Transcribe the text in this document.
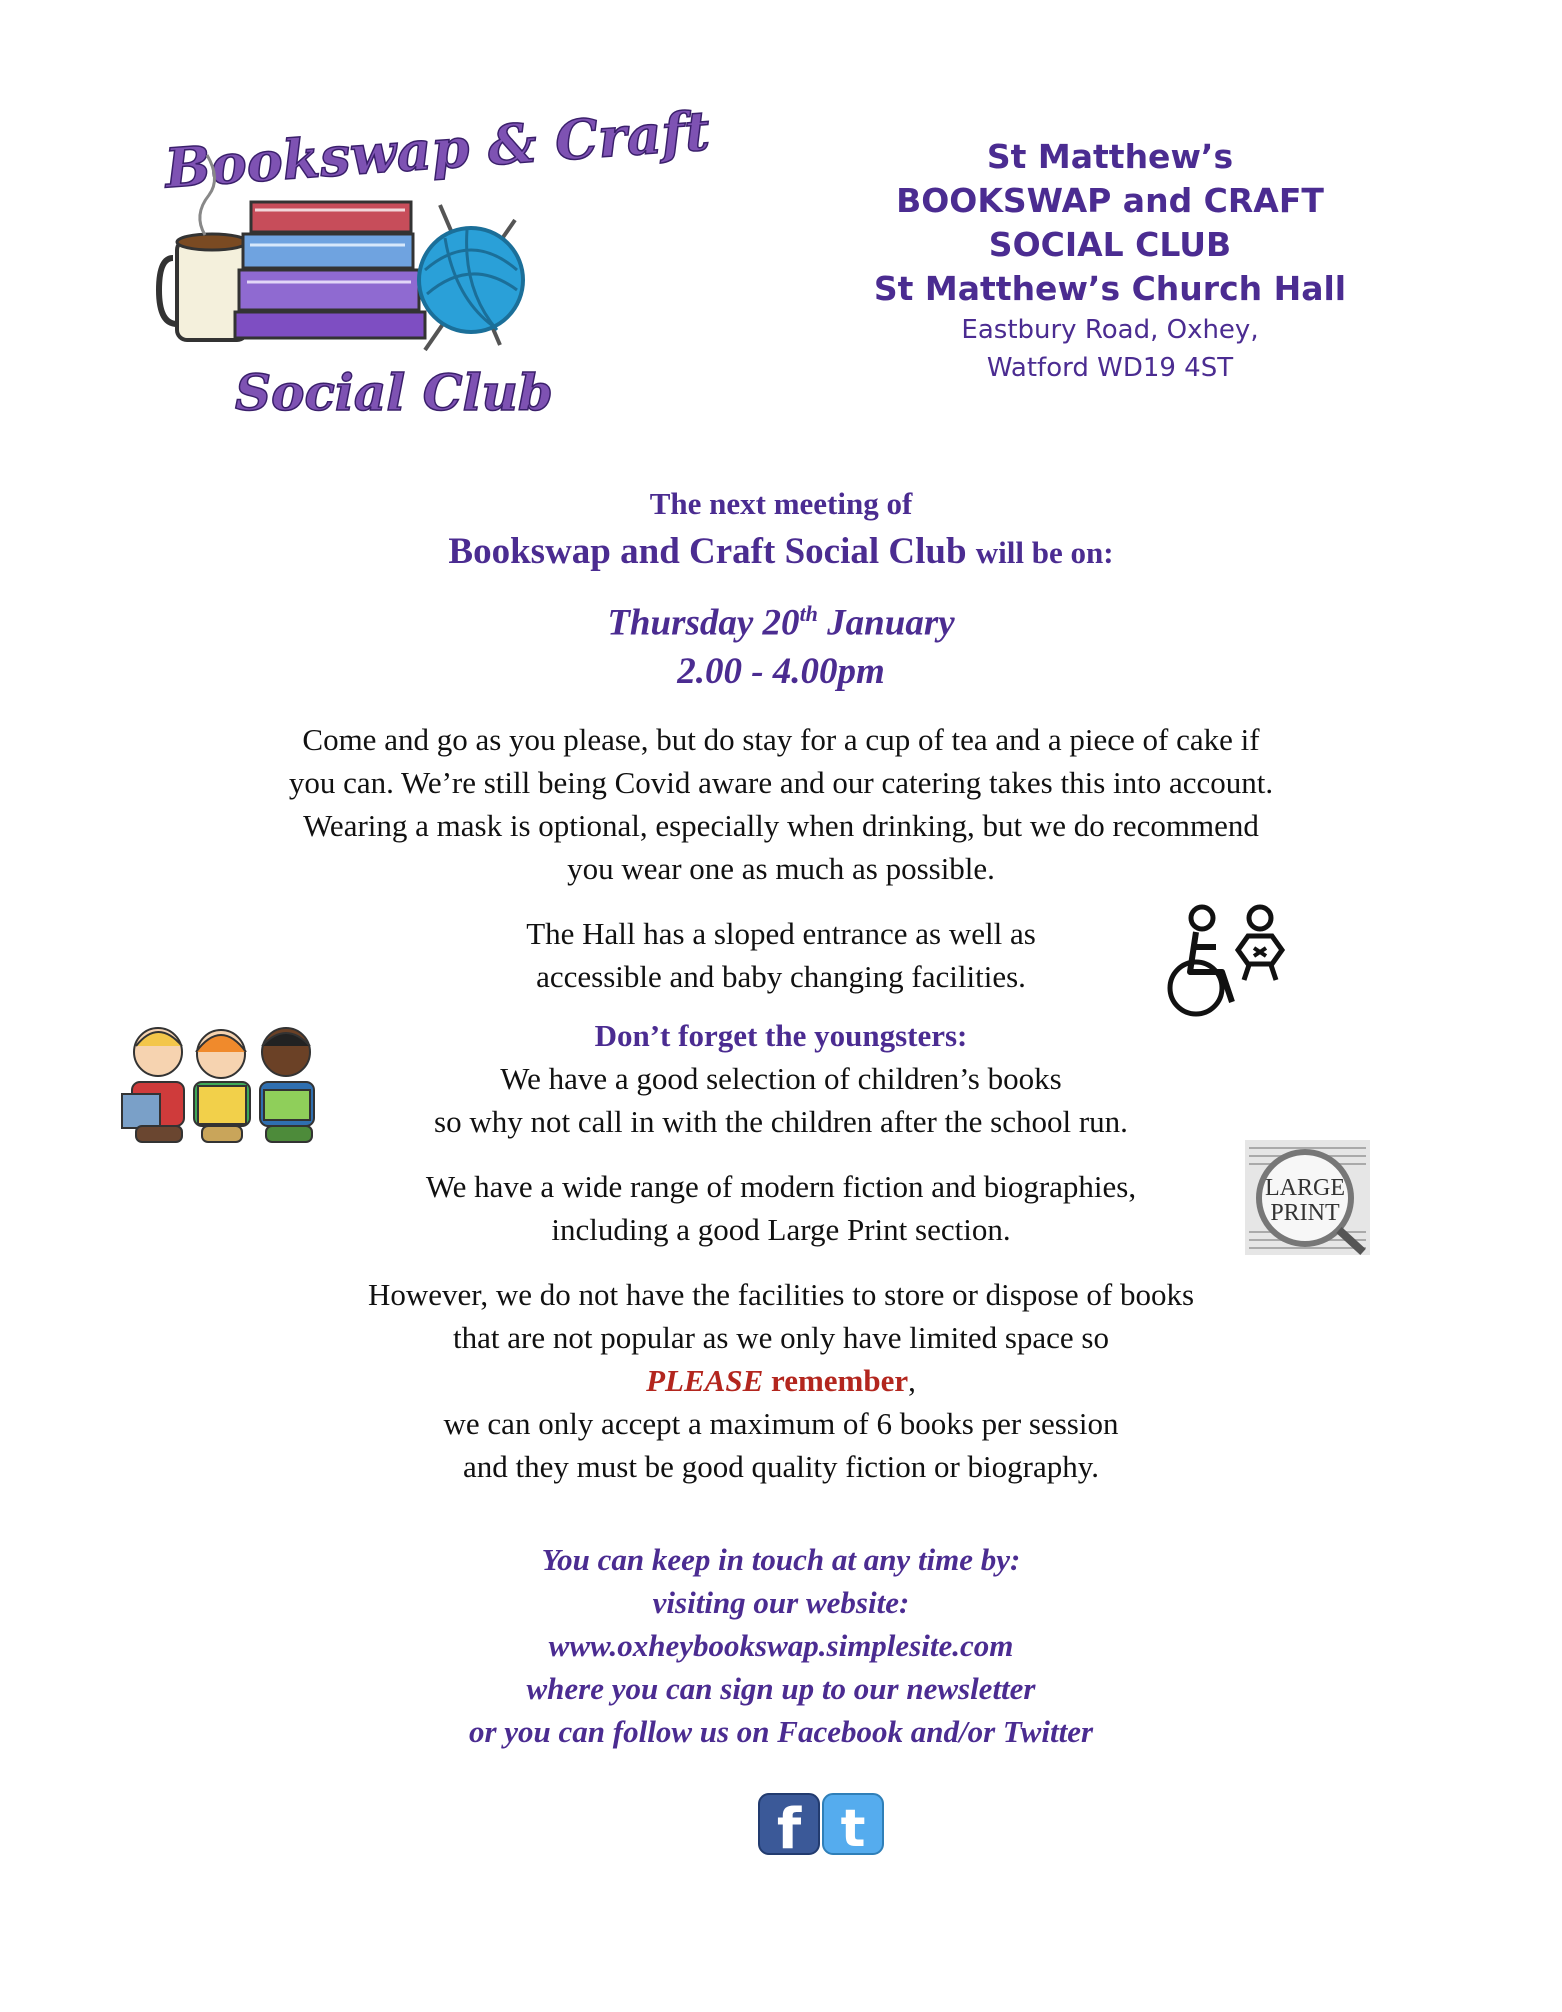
Bookswap & Craft
Social Club
St Matthew’s
BOOKSWAP and CRAFT
SOCIAL CLUB
St Matthew’s Church Hall
Eastbury Road, Oxhey,
Watford WD19 4ST
The next meeting of
Bookswap and Craft Social Club will be on:
Thursday 20th January
2.00 - 4.00pm
Come and go as you please, but do stay for a cup of tea and a piece of cake if
you can. We’re still being Covid aware and our catering takes this into account.
Wearing a mask is optional, especially when drinking, but we do recommend
you wear one as much as possible.
The Hall has a sloped entrance as well as
accessible and baby changing facilities.
Don’t forget the youngsters:
We have a good selection of children’s books
so why not call in with the children after the school run.
We have a wide range of modern fiction and biographies,
including a good Large Print section.
However, we do not have the facilities to store or dispose of books
that are not popular as we only have limited space so
PLEASE remember,
we can only accept a maximum of 6 books per session
and they must be good quality fiction or biography.
You can keep in touch at any time by:
visiting our website:
www.oxheybookswap.simplesite.com
where you can sign up to our newsletter
or you can follow us on Facebook and/or Twitter
LARGE
PRINT
f t
